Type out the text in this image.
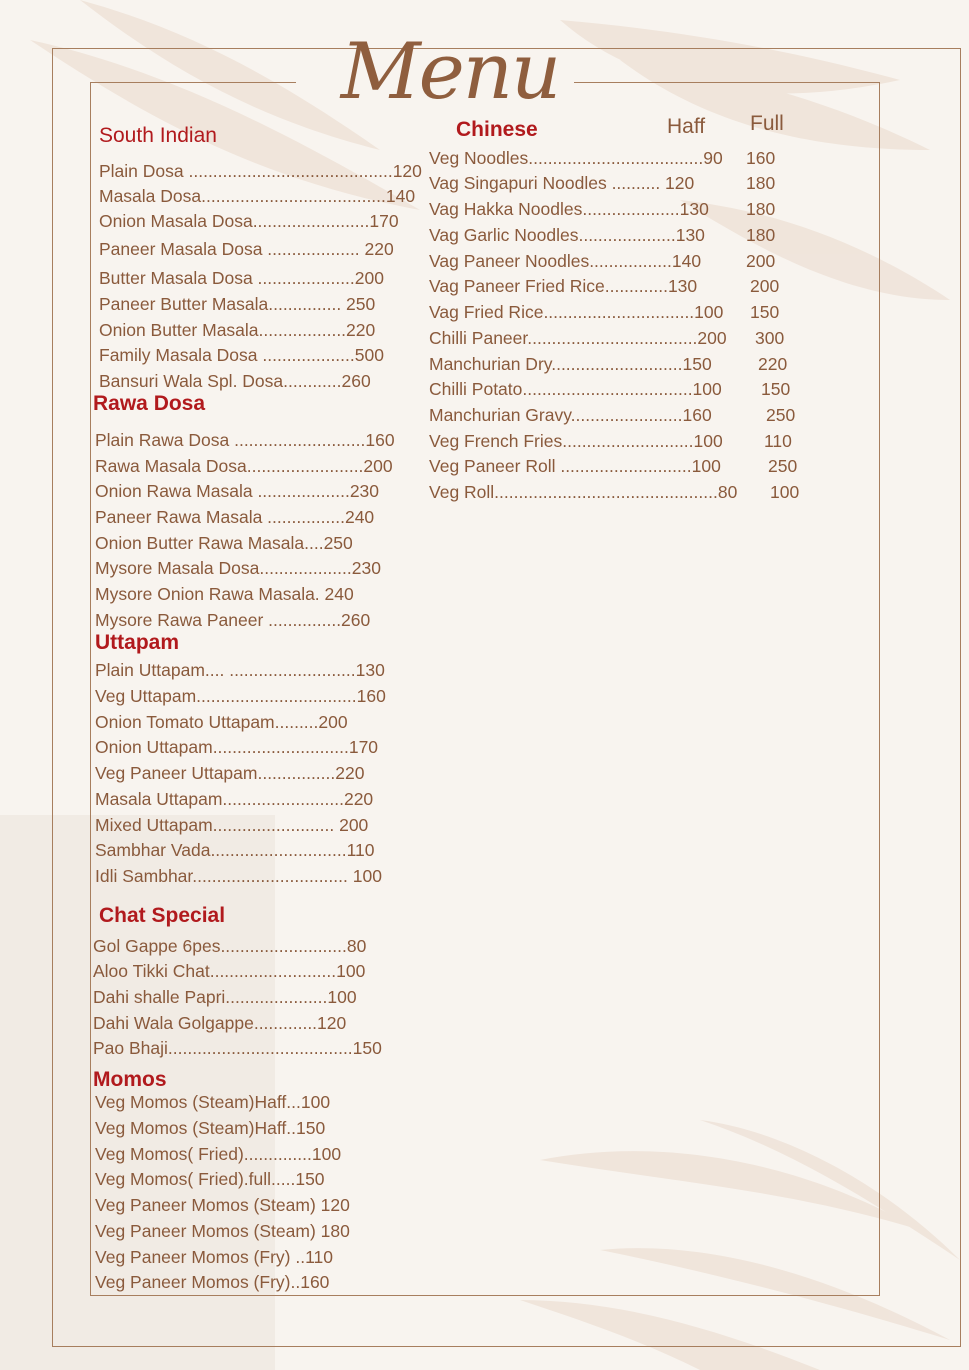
Menu
South Indian
Plain Dosa ..........................................120
Masala Dosa......................................140
Onion Masala Dosa........................170
Paneer Masala Dosa ................... 220
Butter Masala Dosa ....................200
Paneer Butter Masala............... 250
Onion Butter Masala..................220
Family Masala Dosa ...................500
Bansuri Wala Spl. Dosa............260
Rawa Dosa
Plain Rawa Dosa ...........................160
Rawa Masala Dosa........................200
Onion Rawa Masala ...................230
Paneer Rawa Masala ................240
Onion Butter Rawa Masala....250
Mysore Masala Dosa...................230
Mysore Onion Rawa Masala. 240
Mysore Rawa Paneer ...............260
Uttapam
Plain Uttapam.... ..........................130
Veg Uttapam.................................160
Onion Tomato Uttapam.........200
Onion Uttapam............................170
Veg Paneer Uttapam................220
Masala Uttapam.........................220
Mixed Uttapam......................... 200
Sambhar Vada............................110
Idli Sambhar................................ 100
Chat Special
Gol Gappe 6pes..........................80
Aloo Tikki Chat..........................100
Dahi shalle Papri.....................100
Dahi Wala Golgappe.............120
Pao Bhaji......................................150
Momos
Veg Momos (Steam)Haff...100
Veg Momos (Steam)Haff..150
Veg Momos( Fried)..............100
Veg Momos( Fried).full.....150
Veg Paneer Momos (Steam) 120
Veg Paneer Momos (Steam) 180
Veg Paneer Momos (Fry) ..110
Veg Paneer Momos (Fry)..160
Chinese	Haff Full
Veg Noodles....................................90 160
Vag Singapuri Noodles .......... 120	180
Vag Hakka Noodles....................130 180
Vag Garlic Noodles....................130 180
Vag Paneer Noodles.................140	200
Vag Paneer Fried Rice.............130	200
Vag Fried Rice...............................100 150
Chilli Paneer...................................200 300
Manchurian Dry...........................150	220
Chilli Potato...................................100 150
Manchurian Gravy.......................160	250
Veg French Fries...........................100 110
Veg Paneer Roll ...........................100	250
Veg Roll..............................................80 100
